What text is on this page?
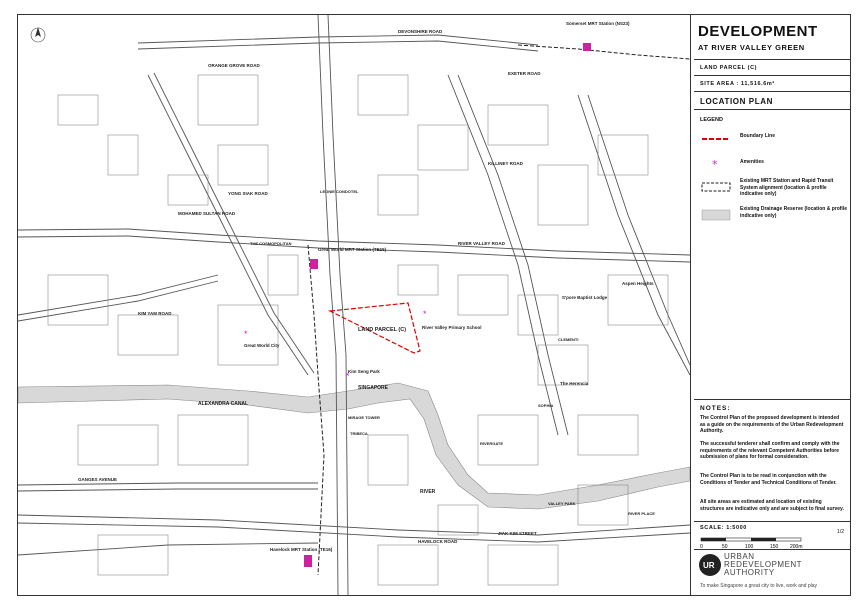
LAND PARCEL (C)
Somerset MRT Station (NS23)
Great World MRT Station (TE15)
Havelock MRT Station (TE16)
*
*
*
Great World City
River Valley Primary School
Kim Seng Park
Aspen Heights
S'pore Baptist Lodge
The Herencia
DEVONSHIRE ROAD
ORANGE GROVE ROAD
EXETER ROAD
RIVER VALLEY ROAD
KIM YAM ROAD
MOHAMED SULTAN ROAD
ALEXANDRA CANAL
HAVELOCK ROAD
GANGES AVENUE
RIVER
SINGAPORE
YONG SIAK ROAD
KILLINEY ROAD
JIAK KIM STREET
LEONIE CONDOTEL
RIVERGATE
MIRAGE TOWER
TRIBECA
RIVER PLACE
THE COSMOPOLITAN
SOPHIA
VALLEY PARK
CLEMENTI
DEVELOPMENT
AT RIVER VALLEY GREEN
LAND PARCEL (C)
SITE AREA : 11,516.6m²
LOCATION PLAN
LEGEND
Boundary Line
*	Amenities
Existing MRT Station and Rapid Transit System alignment (location & profile indicative only)
Existing Drainage Reserve (location & profile indicative only)
NOTES:
The Control Plan of the proposed development is intended as a guide on the requirements of the Urban Redevelopment Authority.
The successful tenderer shall confirm and comply with the requirements of the relevant Competent Authorities before submission of plans for formal consideration.
The Control Plan is to be read in conjunction with the Conditions of Tender and Technical Conditions of Tender.
All site areas are estimated and location of existing structures are indicative only and are subject to final survey.
SCALE: 1:5000
0	50	100	150 200m
1/2
UR
URBAN
REDEVELOPMENT
AUTHORITY
To make Singapore a great city to live, work and play
